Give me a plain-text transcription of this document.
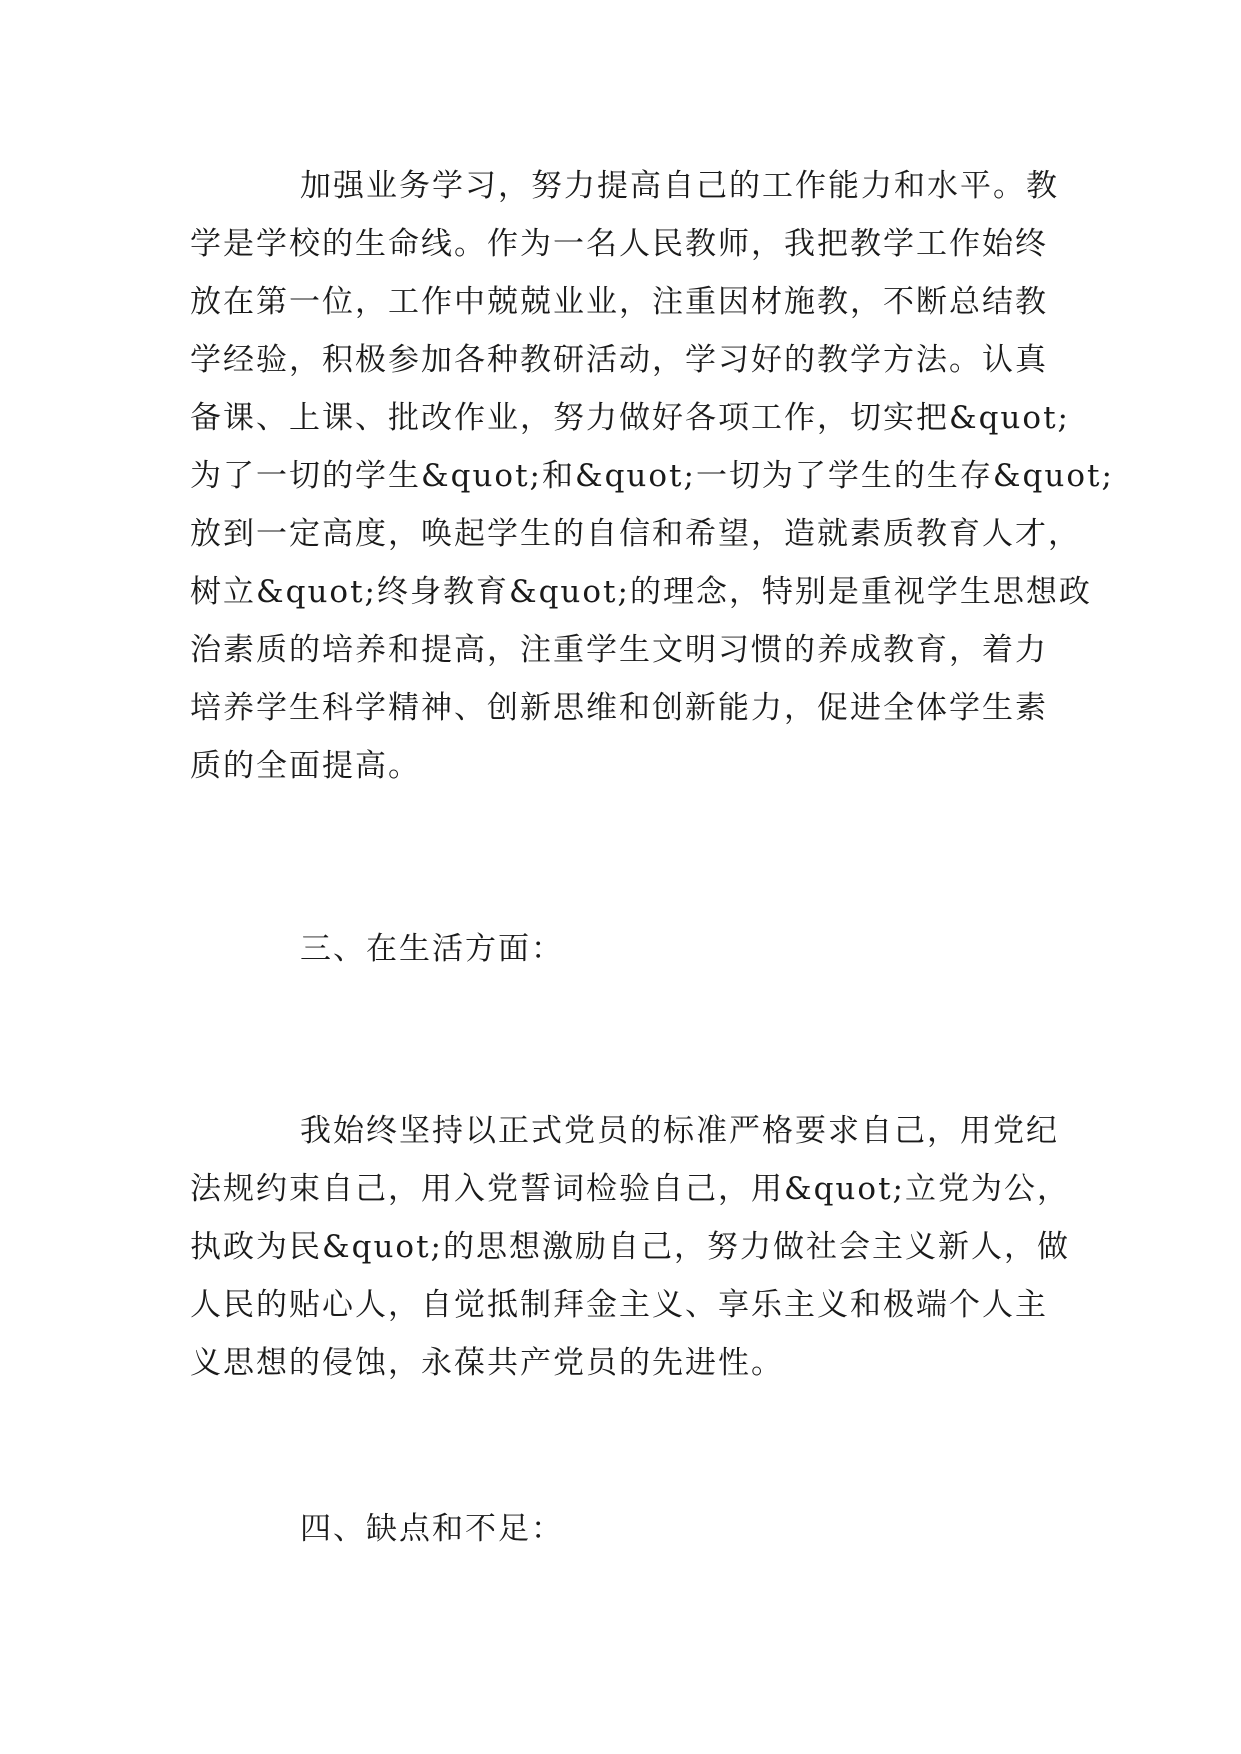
加强业务学习，努力提高自己的工作能力和水平。教
学是学校的生命线。作为一名人民教师，我把教学工作始终
放在第一位，工作中兢兢业业，注重因材施教，不断总结教
学经验，积极参加各种教研活动，学习好的教学方法。认真
备课、上课、批改作业，努力做好各项工作，切实把&quot;
为了一切的学生&quot;和&quot;一切为了学生的生存&quot;
放到一定高度，唤起学生的自信和希望，造就素质教育人才，
树立&quot;终身教育&quot;的理念，特别是重视学生思想政
治素质的培养和提高，注重学生文明习惯的养成教育，着力
培养学生科学精神、创新思维和创新能力，促进全体学生素
质的全面提高。
三、在生活方面：
我始终坚持以正式党员的标准严格要求自己，用党纪
法规约束自己，用入党誓词检验自己，用&quot;立党为公，
执政为民&quot;的思想激励自己，努力做社会主义新人，做
人民的贴心人，自觉抵制拜金主义、享乐主义和极端个人主
义思想的侵蚀，永葆共产党员的先进性。
四、缺点和不足：
